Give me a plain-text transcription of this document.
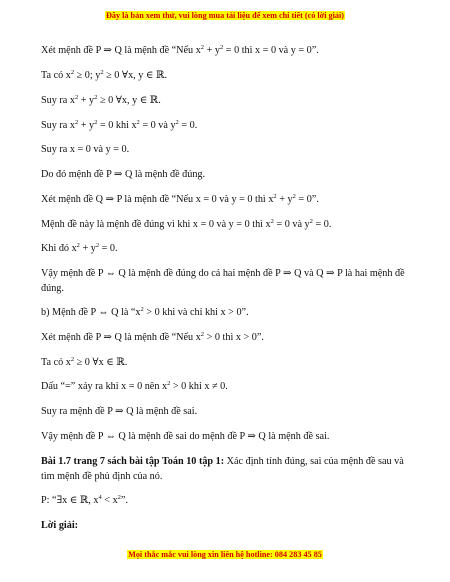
Đây là bản xem thử, vui lòng mua tài liệu để xem chi tiết (có lời giải)
Xét mệnh đề P ⇒ Q là mệnh đề “Nếu $x^2 + y^2 = 0$ thì x = 0 và y = 0”.
Ta có $x^2 \ge 0$; $y^2 \ge 0$ ∀x, y ∈ ℝ.
Suy ra $x^2 + y^2 \ge 0$ ∀x, y ∈ ℝ.
Suy ra $x^2 + y^2 = 0$ khi $x^2 = 0$ và $y^2 = 0$.
Suy ra x = 0 và y = 0.
Do đó mệnh đề P ⇒ Q là mệnh đề đúng.
Xét mệnh đề Q ⇒ P là mệnh đề “Nếu x = 0 và y = 0 thì $x^2 + y^2 = 0$”.
Mệnh đề này là mệnh đề đúng vì khi x = 0 và y = 0 thì $x^2 = 0$ và $y^2 = 0$.
Khi đó $x^2 + y^2 = 0$.
Vậy mệnh đề P ⇔ Q là mệnh đề đúng do cả hai mệnh đề P ⇒ Q và Q ⇒ P là hai mệnh đề đúng.
b) Mệnh đề P ⇔ Q là “$x^2 > 0$ khi và chỉ khi x > 0”.
Xét mệnh đề P ⇒ Q là mệnh đề “Nếu $x^2 > 0$ thì x > 0”.
Ta có $x^2 \ge 0$ ∀x ∈ ℝ.
Dấu “=” xảy ra khi x = 0 nên $x^2 > 0$ khi x ≠ 0.
Suy ra mệnh đề P ⇒ Q là mệnh đề sai.
Vậy mệnh đề P ⇔ Q là mệnh đề sai do mệnh đề P ⇒ Q là mệnh đề sai.
Bài 1.7 trang 7 sách bài tập Toán 10 tập 1: Xác định tính đúng, sai của mệnh đề sau và tìm mệnh đề phủ định của nó.
P: “∃x ∈ ℝ, $x^4 < x^2$”.
Lời giải:
Mọi thắc mắc vui lòng xin liên hệ hotline: 084 283 45 85
